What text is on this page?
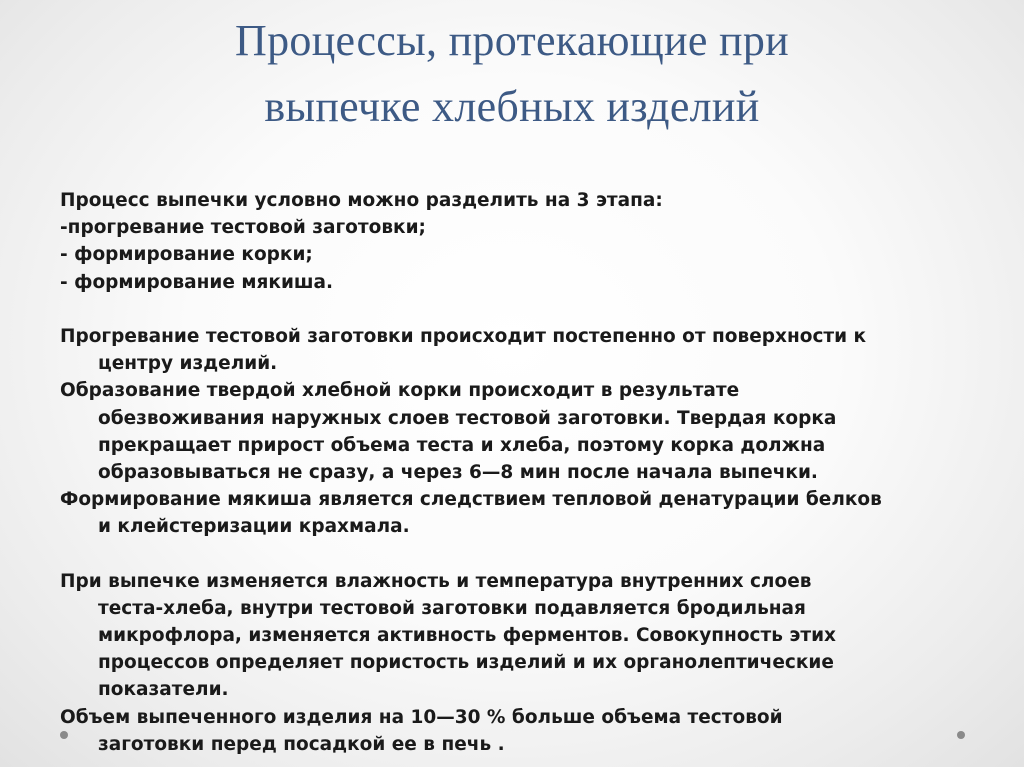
Процессы, протекающие при
выпечке хлебных изделий
Процесс выпечки условно можно разделить на 3 этапа:
-прогревание тестовой заготовки;
- формирование корки;
- формирование мякиша.
Прогревание тестовой заготовки происходит постепенно от поверхности к
центру изделий.
Образование твердой хлебной корки происходит в результате
обезвоживания наружных слоев тестовой заготовки. Твердая корка
прекращает прирост объема теста и хлеба, поэтому корка должна
образовываться не сразу, а через 6—8 мин после начала выпечки.
Формирование мякиша является следствием тепловой денатурации белков
и клейстеризации крахмала.
При выпечке изменяется влажность и температура внутренних слоев
теста-хлеба, внутри тестовой заготовки подавляется бродильная
микрофлора, изменяется активность ферментов. Совокупность этих
процессов определяет пористость изделий и их органолептические
показатели.
Объем выпеченного изделия на 10—30 % больше объема тестовой
заготовки перед посадкой ее в печь .
